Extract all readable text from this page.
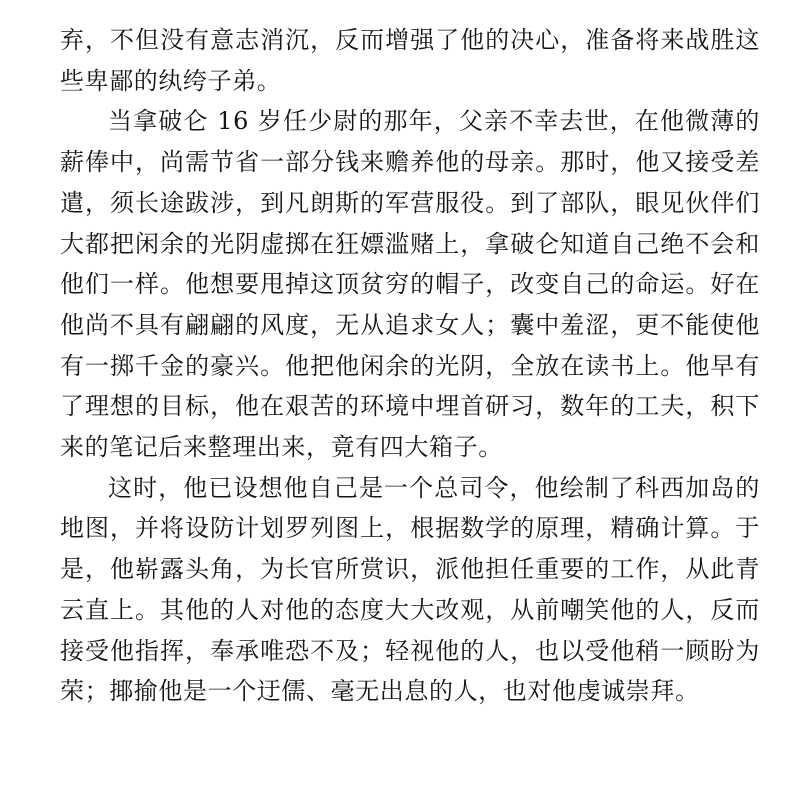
弃，不但没有意志消沉，反而增强了他的决心，准备将来战胜这些卑鄙的纨绔子弟。

当拿破仑 16 岁任少尉的那年，父亲不幸去世，在他微薄的薪俸中，尚需节省一部分钱来赡养他的母亲。那时，他又接受差遣，须长途跋涉，到凡朗斯的军营服役。到了部队，眼见伙伴们大都把闲余的光阴虚掷在狂嫖滥赌上，拿破仑知道自己绝不会和他们一样。他想要甩掉这顶贫穷的帽子，改变自己的命运。好在他尚不具有翩翩的风度，无从追求女人；囊中羞涩，更不能使他有一掷千金的豪兴。他把他闲余的光阴，全放在读书上。他早有了理想的目标，他在艰苦的环境中埋首研习，数年的工夫，积下来的笔记后来整理出来，竟有四大箱子。

这时，他已设想他自己是一个总司令，他绘制了科西加岛的地图，并将设防计划罗列图上，根据数学的原理，精确计算。于是，他崭露头角，为长官所赏识，派他担任重要的工作，从此青云直上。其他的人对他的态度大大改观，从前嘲笑他的人，反而接受他指挥，奉承唯恐不及；轻视他的人，也以受他稍一顾盼为荣；揶揄他是一个迂儒、毫无出息的人，也对他虔诚崇拜。
